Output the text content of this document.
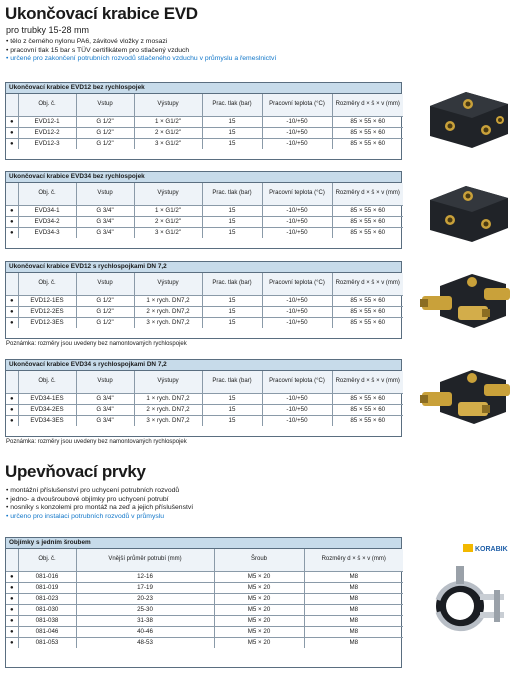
Ukončovací krabice EVD
pro trubky 15-28 mm
• tělo z černého nylonu PA6, závitové vložky z mosazi
• pracovní tlak 15 bar s TÜV certifikátem pro stlačený vzduch
• určené pro zakončení potrubních rozvodů stlačeného vzduchu v průmyslu a řemeslnictví
Ukončovací krabice EVD12 bez rychlospojek
	Obj. č.	Vstup	Výstupy	Prac. tlak (bar)	Pracovní teplota (°C)	Rozměry d × š × v (mm)
●	EVD12-1	G 1/2"	1 × G1/2"	15	-10/+50	85 × 55 × 60
●	EVD12-2	G 1/2"	2 × G1/2"	15	-10/+50	85 × 55 × 60
●	EVD12-3	G 1/2"	3 × G1/2"	15	-10/+50	85 × 55 × 60
Ukončovací krabice EVD34 bez rychlospojek
	Obj. č.	Vstup	Výstupy	Prac. tlak (bar)	Pracovní teplota (°C)	Rozměry d × š × v (mm)
●	EVD34-1	G 3/4"	1 × G1/2"	15	-10/+50	85 × 55 × 60
●	EVD34-2	G 3/4"	2 × G1/2"	15	-10/+50	85 × 55 × 60
●	EVD34-3	G 3/4"	3 × G1/2"	15	-10/+50	85 × 55 × 60
Ukončovací krabice EVD12 s rychlospojkami DN 7,2
	Obj. č.	Vstup	Výstupy	Prac. tlak (bar)	Pracovní teplota (°C)	Rozměry d × š × v (mm)
●	EVD12-1ES	G 1/2"	1 × rych. DN7,2	15	-10/+50	85 × 55 × 60
●	EVD12-2ES	G 1/2"	2 × rych. DN7,2	15	-10/+50	85 × 55 × 60
●	EVD12-3ES	G 1/2"	3 × rych. DN7,2	15	-10/+50	85 × 55 × 60
Poznámka: rozměry jsou uvedeny bez namontovaných rychlospojek
Ukončovací krabice EVD34 s rychlospojkami DN 7,2
	Obj. č.	Vstup	Výstupy	Prac. tlak (bar)	Pracovní teplota (°C)	Rozměry d × š × v (mm)
●	EVD34-1ES	G 3/4"	1 × rych. DN7,2	15	-10/+50	85 × 55 × 60
●	EVD34-2ES	G 3/4"	2 × rych. DN7,2	15	-10/+50	85 × 55 × 60
●	EVD34-3ES	G 3/4"	3 × rych. DN7,2	15	-10/+50	85 × 55 × 60
Poznámka: rozměry jsou uvedeny bez namontovaných rychlospojek
Upevňovací prvky
• montážní příslušenství pro uchycení potrubních rozvodů
• jedno- a dvoušroubové objímky pro uchycení potrubí
• nosníky s konzolemi pro montáž na zeď a jejich příslušenství
• určeno pro instalaci potrubních rozvodů v průmyslu
Objímky s jedním šroubem
	Obj. č.	Vnější průměr potrubí (mm)	Šroub	Rozměry d × š × v (mm)
●	081-016	12-16	M5 × 20	M8
●	081-019	17-19	M5 × 20	M8
●	081-023	20-23	M5 × 20	M8
●	081-030	25-30	M5 × 20	M8
●	081-038	31-38	M5 × 20	M8
●	081-046	40-46	M5 × 20	M8
●	081-053	48-53	M5 × 20	M8
KORABIK
